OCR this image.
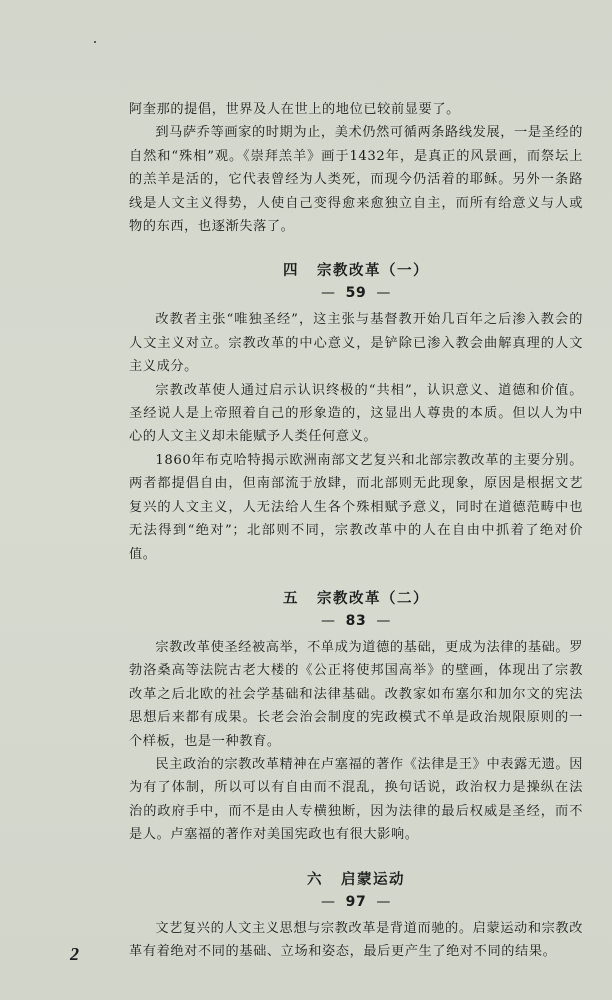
阿奎那的提倡，世界及人在世上的地位已较前显要了。

到马萨乔等画家的时期为止，美术仍然可循两条路线发展，一是圣经的自然和“殊相”观。《崇拜羔羊》画于1432年，是真正的风景画，而祭坛上的羔羊是活的，它代表曾经为人类死，而现今仍活着的耶稣。另外一条路线是人文主义得势，人使自己变得愈来愈独立自主，而所有给意义与人或物的东西，也逐渐失落了。

四 宗教改革（一）
— 59 —

改教者主张“唯独圣经”，这主张与基督教开始几百年之后渗入教会的人文主义对立。宗教改革的中心意义，是铲除已渗入教会曲解真理的人文主义成分。

宗教改革使人通过启示认识终极的“共相”，认识意义、道德和价值。圣经说人是上帝照着自己的形象造的，这显出人尊贵的本质。但以人为中心的人文主义却未能赋予人类任何意义。

1860年布克哈特揭示欧洲南部文艺复兴和北部宗教改革的主要分别。两者都提倡自由，但南部流于放肆，而北部则无此现象，原因是根据文艺复兴的人文主义，人无法给人生各个殊相赋予意义，同时在道德范畴中也无法得到“绝对”；北部则不同，宗教改革中的人在自由中抓着了绝对价值。

五 宗教改革（二）
— 83 —

宗教改革使圣经被高举，不单成为道德的基础，更成为法律的基础。罗勃洛桑高等法院古老大楼的《公正将使邦国高举》的壁画，体现出了宗教改革之后北欧的社会学基础和法律基础。改教家如布塞尔和加尔文的宪法思想后来都有成果。长老会治会制度的宪政模式不单是政治规限原则的一个样板，也是一种教育。

民主政治的宗教改革精神在卢塞福的著作《法律是王》中表露无遗。因为有了体制，所以可以有自由而不混乱，换句话说，政治权力是操纵在法治的政府手中，而不是由人专横独断，因为法律的最后权威是圣经，而不是人。卢塞福的著作对美国宪政也有很大影响。

六 启蒙运动
— 97 —

文艺复兴的人文主义思想与宗教改革是背道而驰的。启蒙运动和宗教改革有着绝对不同的基础、立场和姿态，最后更产生了绝对不同的结果。

2
